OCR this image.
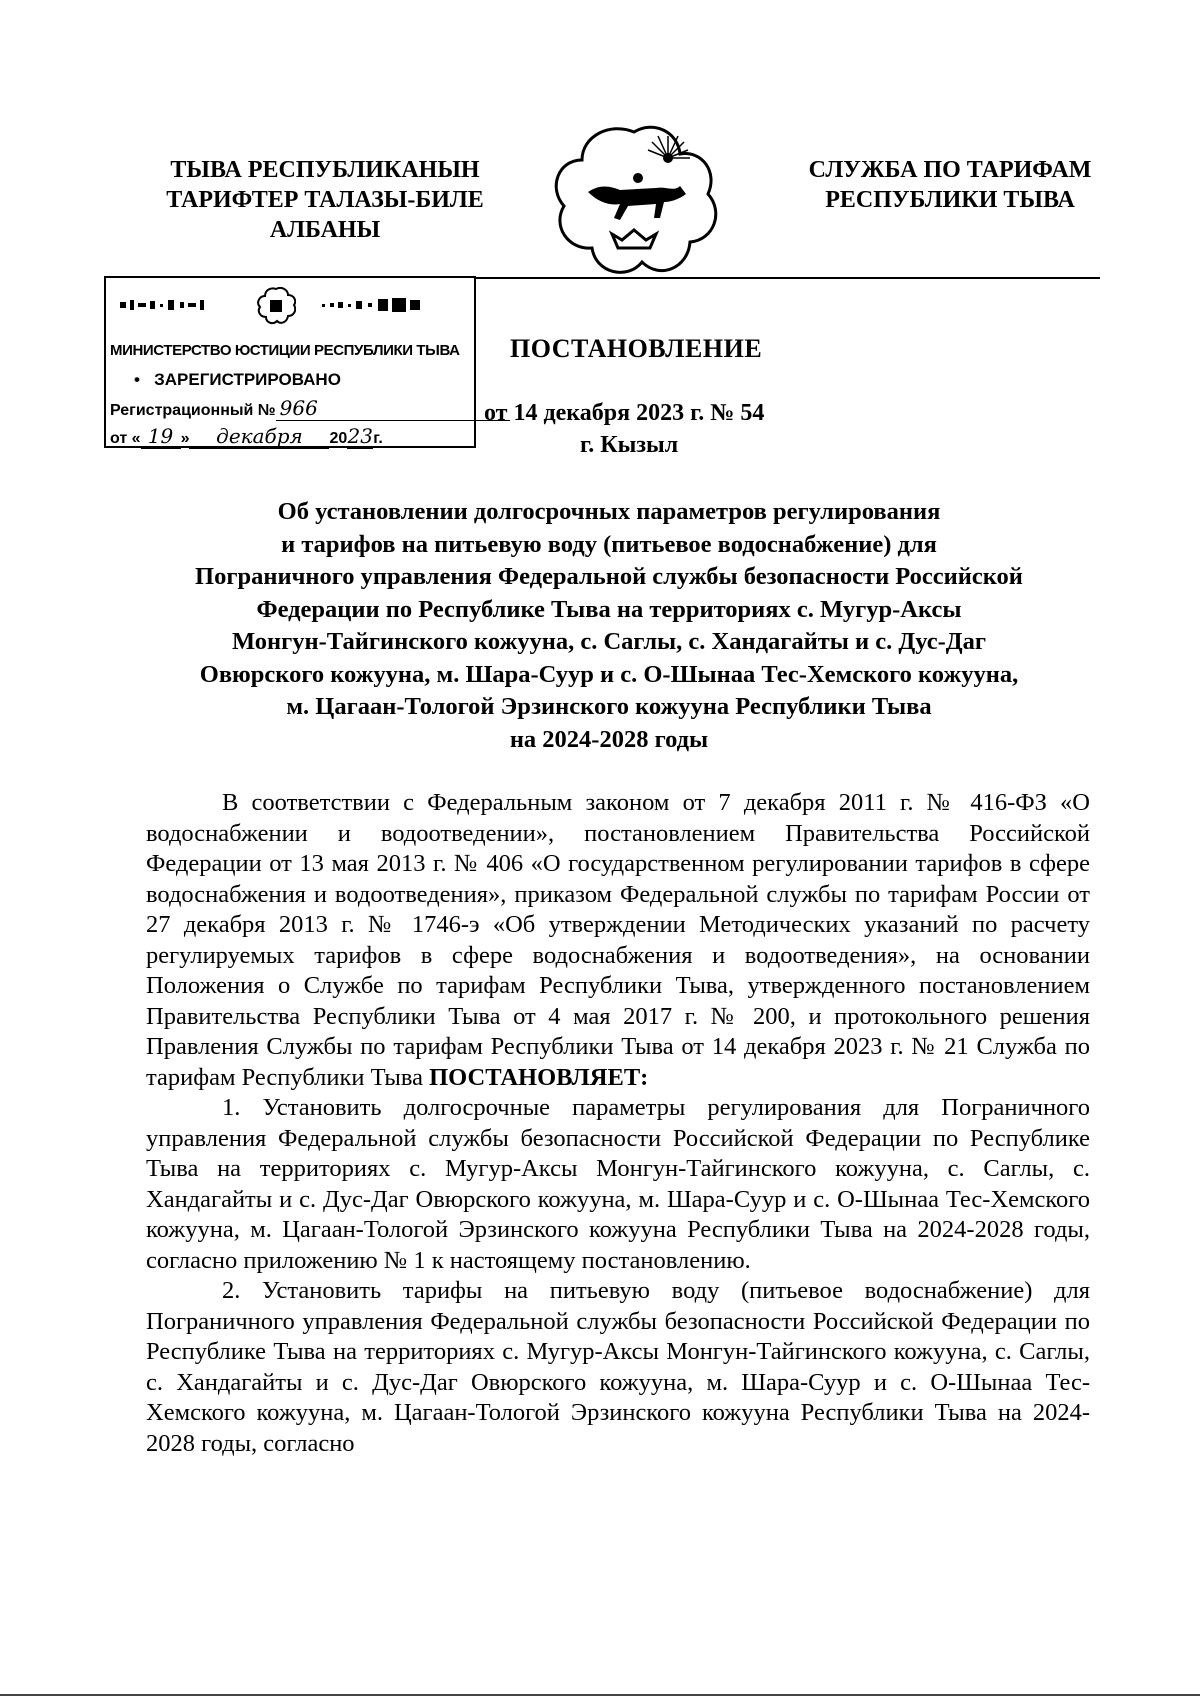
ТЫВА РЕСПУБЛИКАНЫН
ТАРИФТЕР ТАЛАЗЫ-БИЛЕ
АЛБАНЫ
СЛУЖБА ПО ТАРИФАМ
РЕСПУБЛИКИ ТЫВА
МИНИСТЕРСТВО ЮСТИЦИИ РЕСПУБЛИКИ ТЫВА
•   ЗАРЕГИСТРИРОВАНО
Регистрационный № 966
от « 19 » декабря 2023г.
ПОСТАНОВЛЕНИЕ
от 14 декабря 2023 г. № 54
г. Кызыл
Об установлении долгосрочных параметров регулирования
и тарифов на питьевую воду (питьевое водоснабжение) для
Пограничного управления Федеральной службы безопасности Российской
Федерации по Республике Тыва на территориях с. Мугур-Аксы
Монгун-Тайгинского кожууна, с. Саглы, с. Хандагайты и с. Дус-Даг
Овюрского кожууна, м. Шара-Суур и с. О-Шынаа Тес-Хемского кожууна,
м. Цагаан-Тологой Эрзинского кожууна Республики Тыва
на 2024-2028 годы

В соответствии с Федеральным законом от 7 декабря 2011 г. № 416-ФЗ «О водоснабжении и водоотведении», постановлением Правительства Российской Федерации от 13 мая 2013 г. № 406 «О государственном регулировании тарифов в сфере водоснабжения и водоотведения», приказом Федеральной службы по тарифам России от 27 декабря 2013 г. № 1746-э «Об утверждении Методических указаний по расчету регулируемых тарифов в сфере водоснабжения и водоотведения», на основании Положения о Службе по тарифам Республики Тыва, утвержденного постановлением Правительства Республики Тыва от 4 мая 2017 г. № 200, и протокольного решения Правления Службы по тарифам Республики Тыва от 14 декабря 2023 г. № 21 Служба по тарифам Республики Тыва ПОСТАНОВЛЯЕТ:

1. Установить долгосрочные параметры регулирования для Пограничного управления Федеральной службы безопасности Российской Федерации по Республике Тыва на территориях с. Мугур-Аксы Монгун-Тайгинского кожууна, с. Саглы, с. Хандагайты и с. Дус-Даг Овюрского кожууна, м. Шара-Суур и с. О-Шынаа Тес-Хемского кожууна, м. Цагаан-Тологой Эрзинского кожууна Республики Тыва на 2024-2028 годы, согласно приложению № 1 к настоящему постановлению.

2. Установить тарифы на питьевую воду (питьевое водоснабжение) для Пограничного управления Федеральной службы безопасности Российской Федерации по Республике Тыва на территориях с. Мугур-Аксы Монгун-Тайгинского кожууна, с. Саглы, с. Хандагайты и с. Дус-Даг Овюрского кожууна, м. Шара-Суур и с. О-Шынаа Тес-Хемского кожууна, м. Цагаан-Тологой Эрзинского кожууна Республики Тыва на 2024-2028 годы, согласно
